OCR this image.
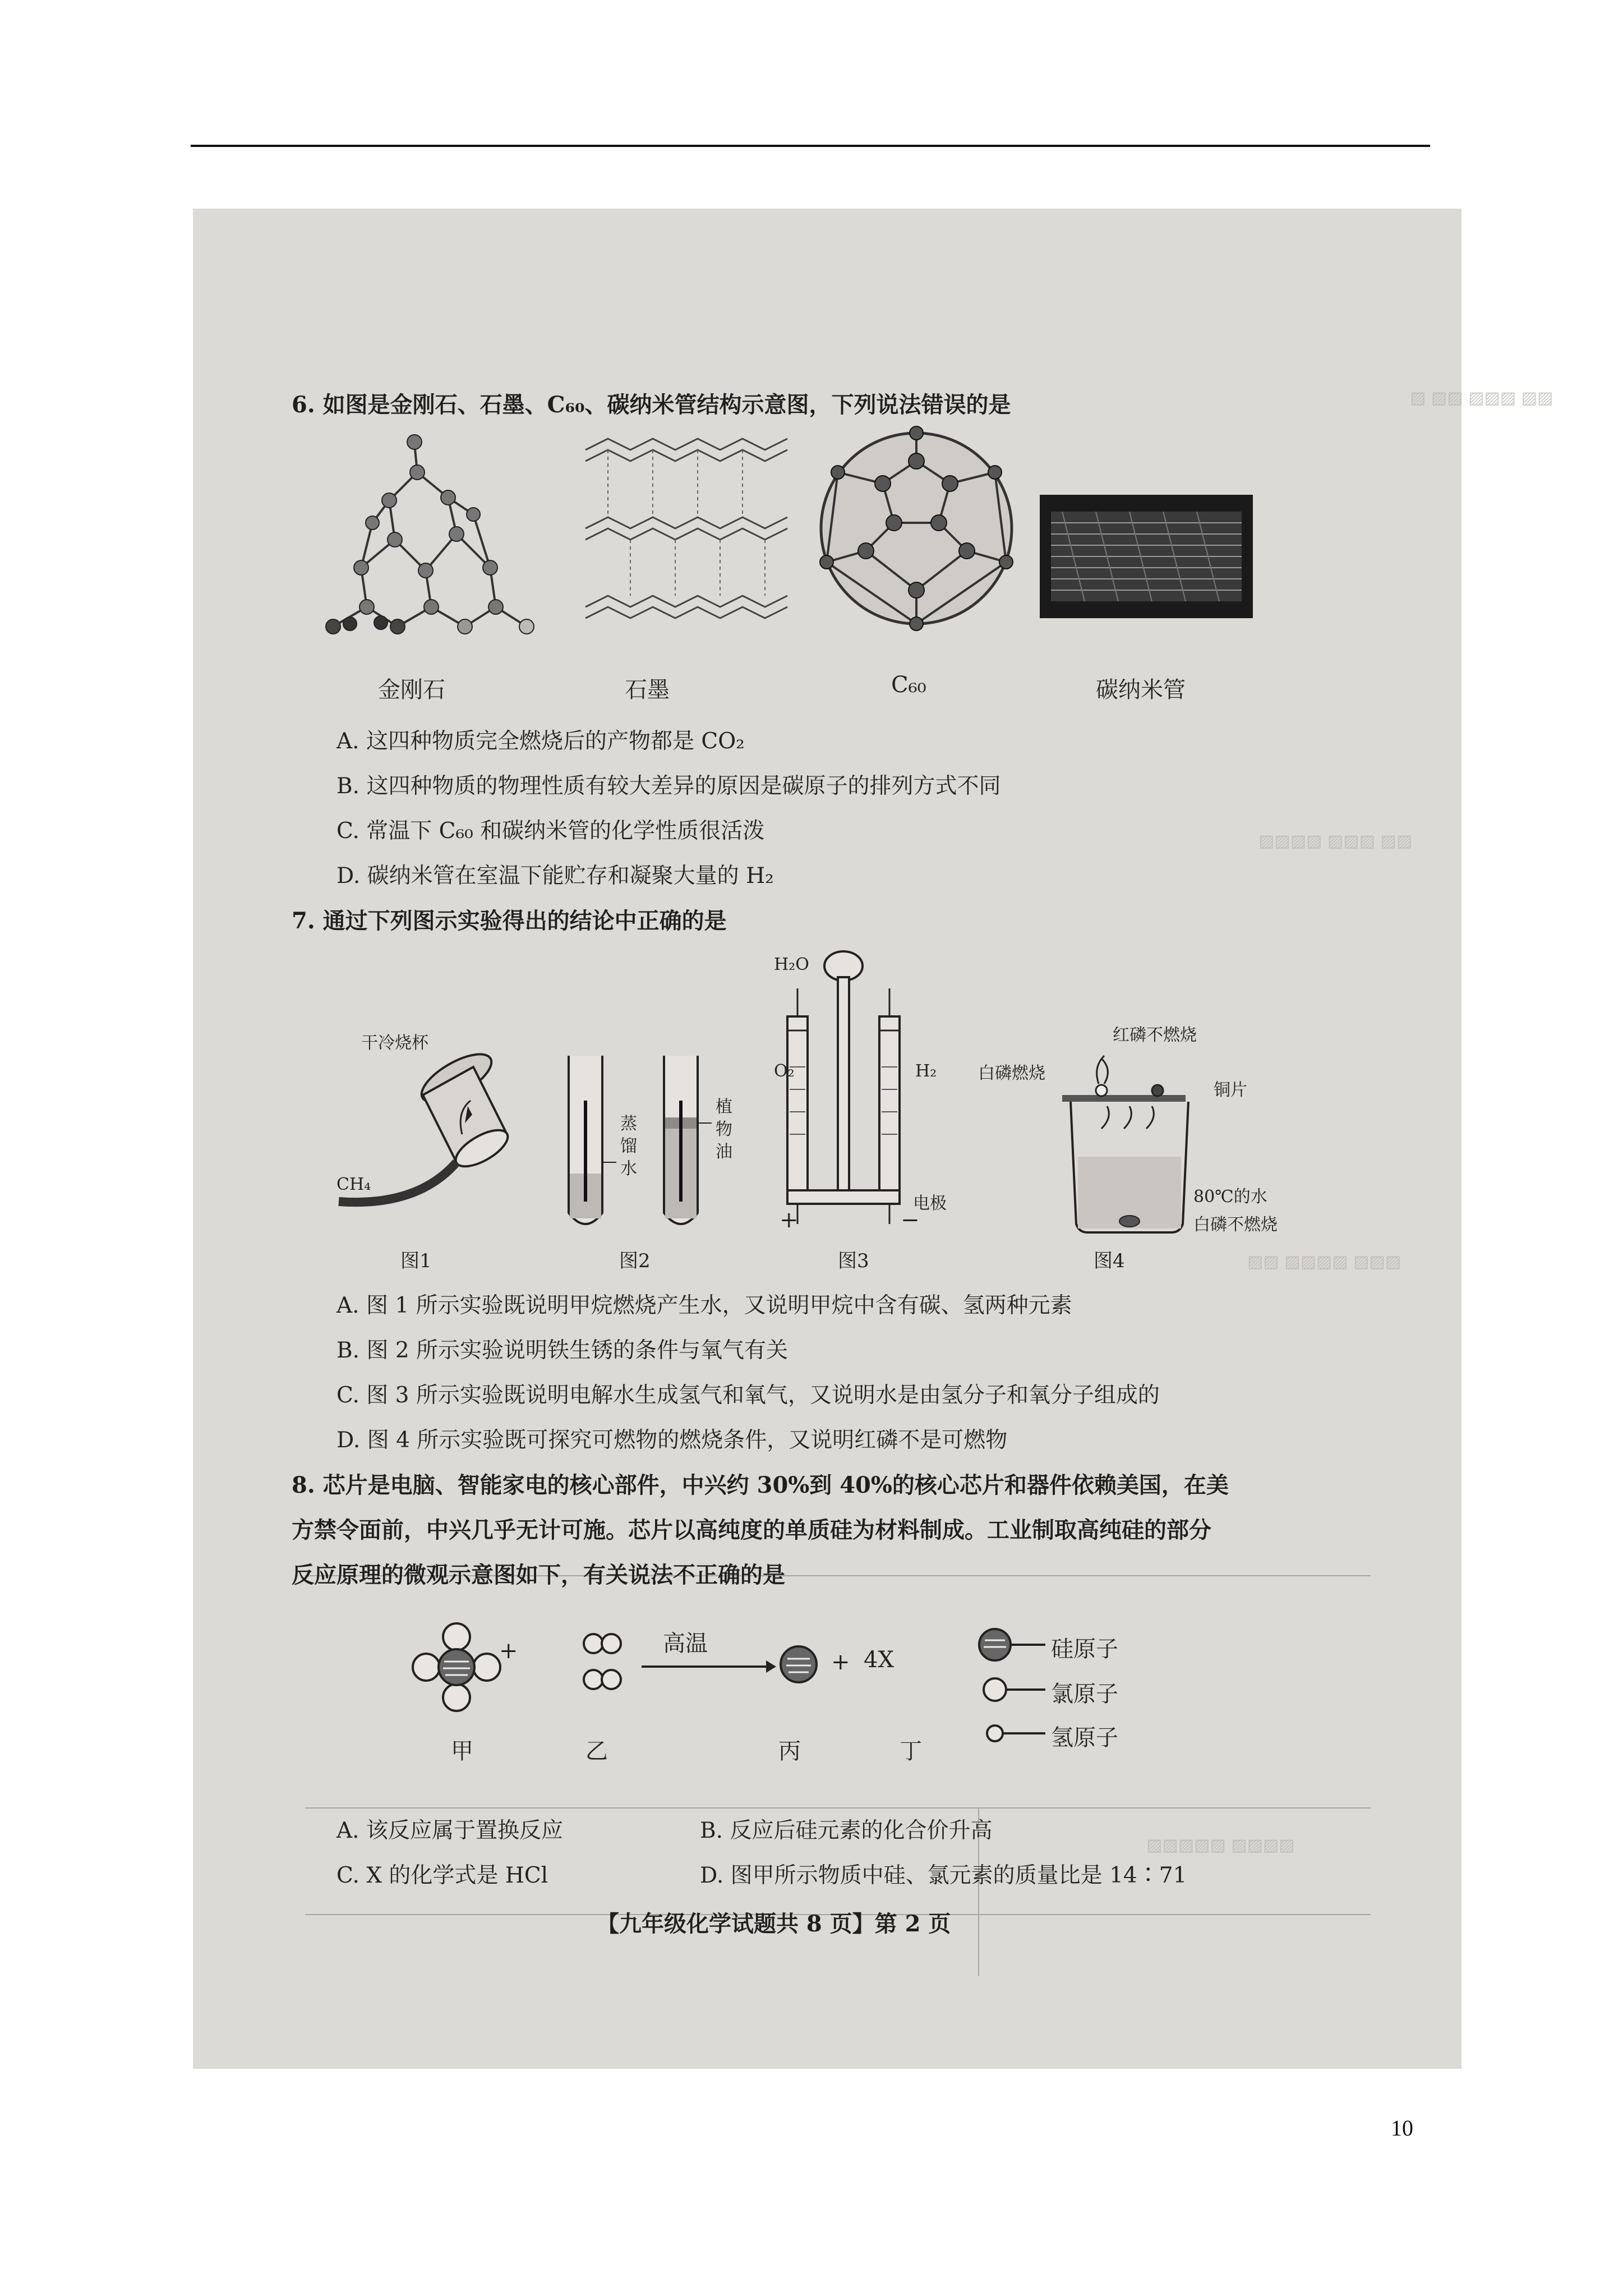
▨ ▨▨ ▨▨▨ ▨▨
▨▨▨▨ ▨▨▨ ▨▨
▨▨ ▨▨▨▨ ▨▨▨
▨▨▨▨▨ ▨▨▨▨
6. 如图是金刚石、石墨、C₆₀、碳纳米管结构示意图，下列说法错误的是
金刚石	石墨	C₆₀	碳纳米管
A. 这四种物质完全燃烧后的产物都是 CO₂
B. 这四种物质的物理性质有较大差异的原因是碳原子的排列方式不同
C. 常温下 C₆₀ 和碳纳米管的化学性质很活泼
D. 碳纳米管在室温下能贮存和凝聚大量的 H₂
7. 通过下列图示实验得出的结论中正确的是
干冷烧杯
CH₄
图1
蒸馏水
植物油
图2
H₂O
O₂	H₂
电极
+	−
图3
红磷不燃烧
白磷燃烧
铜片
80℃的水
白磷不燃烧
图4
A. 图 1 所示实验既说明甲烷燃烧产生水，又说明甲烷中含有碳、氢两种元素
B. 图 2 所示实验说明铁生锈的条件与氧气有关
C. 图 3 所示实验既说明电解水生成氢气和氧气，又说明水是由氢分子和氧分子组成的
D. 图 4 所示实验既可探究可燃物的燃烧条件，又说明红磷不是可燃物
8. 芯片是电脑、智能家电的核心部件，中兴约 30%到 40%的核心芯片和器件依赖美国，在美
方禁令面前，中兴几乎无计可施。芯片以高纯度的单质硅为材料制成。工业制取高纯硅的部分
反应原理的微观示意图如下，有关说法不正确的是
+	高温
+ 4X
甲	乙	丙	丁
硅原子
氯原子
氢原子
A. 该反应属于置换反应	B. 反应后硅元素的化合价升高
C. X 的化学式是 HCl	D. 图甲所示物质中硅、氯元素的质量比是 14∶71
【九年级化学试题共 8 页】第 2 页
10
